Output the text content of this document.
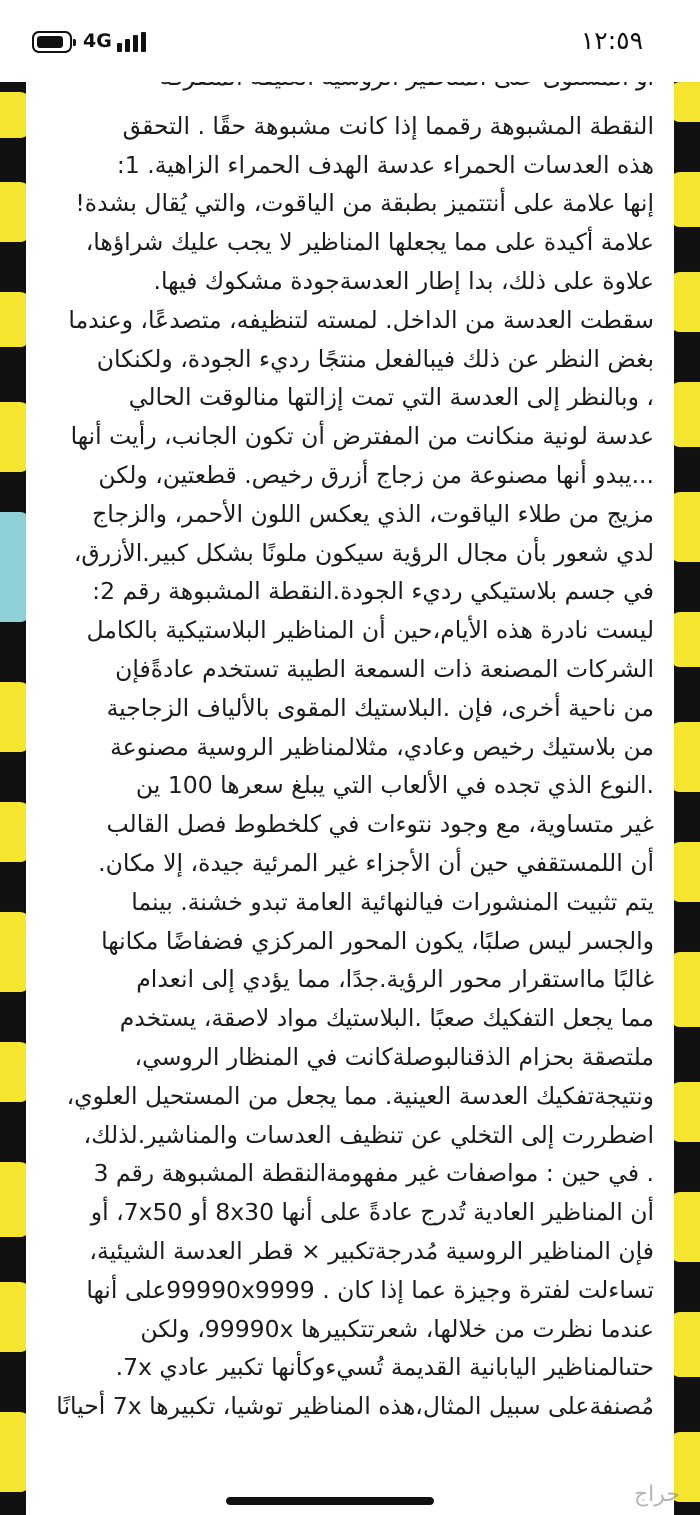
4G	١٢:٥٩
النقطة المشبوهة رقمما إذا كانت مشبوهة حقًا . التحقق
هذه العدسات الحمراء عدسة الهدف الحمراء الزاهية. 1:
إنها علامة على أنتتميز بطبقة من الياقوت، والتي يُقال بشدة!
علامة أكيدة على مما يجعلها المناظير لا يجب عليك شراؤها،
علاوة على ذلك، بدا إطار العدسةجودة مشكوك فيها.
سقطت العدسة من الداخل. لمسته لتنظيفه، متصدعًا، وعندما
بغض النظر عن ذلك فيبالفعل منتجًا رديء الجودة، ولكنكان
، وبالنظر إلى العدسة التي تمت إزالتها منالوقت الحالي
عدسة لونية منكانت من المفترض أن تكون الجانب، رأيت أنها
...يبدو أنها مصنوعة من زجاج أزرق رخيص. قطعتين، ولكن
مزيج من طلاء الياقوت، الذي يعكس اللون الأحمر، والزجاج
لدي شعور بأن مجال الرؤية سيكون ملونًا بشكل كبير.الأزرق،
في جسم بلاستيكي رديء الجودة.النقطة المشبوهة رقم 2:
ليست نادرة هذه الأيام،حين أن المناظير البلاستيكية بالكامل
الشركات المصنعة ذات السمعة الطيبة تستخدم عادةًفإن
من ناحية أخرى، فإن .البلاستيك المقوى بالألياف الزجاجية
من بلاستيك رخيص وعادي، مثلالمناظير الروسية مصنوعة
.النوع الذي تجده في الألعاب التي يبلغ سعرها 100 ين
غير متساوية، مع وجود نتوءات في كلخطوط فصل القالب
أن اللمستقفي حين أن الأجزاء غير المرئية جيدة، إلا مكان.
يتم تثبيت المنشورات فيالنهائية العامة تبدو خشنة. بينما
والجسر ليس صلبًا، يكون المحور المركزي فضفاضًا مكانها
غالبًا مااستقرار محور الرؤية.جدًا، مما يؤدي إلى انعدام
مما يجعل التفكيك صعبًا .البلاستيك مواد لاصقة، يستخدم
ملتصقة بحزام الذقنالبوصلةكانت في المنظار الروسي،
ونتيجةتفكيك العدسة العينية. مما يجعل من المستحيل العلوي،
اضطررت إلى التخلي عن تنظيف العدسات والمناشير.لذلك،
. في حين : مواصفات غير مفهومةالنقطة المشبوهة رقم 3
أن المناظير العادية تُدرج عادةً على أنها 8x30 أو 7x50، أو
فإن المناظير الروسية مُدرجةتكبير × قطر العدسة الشيئية،
تساءلت لفترة وجيزة عما إذا كان . 99990x9999على أنها
عندما نظرت من خلالها، شعرتتكبيرها 99990x، ولكن
حتىالمناظير اليابانية القديمة تُسيءوكأنها تكبير عادي 7x.
مُصنفةعلى سبيل المثال،هذه المناظير توشيا، تكبيرها 7x أحيانًا
حراج
